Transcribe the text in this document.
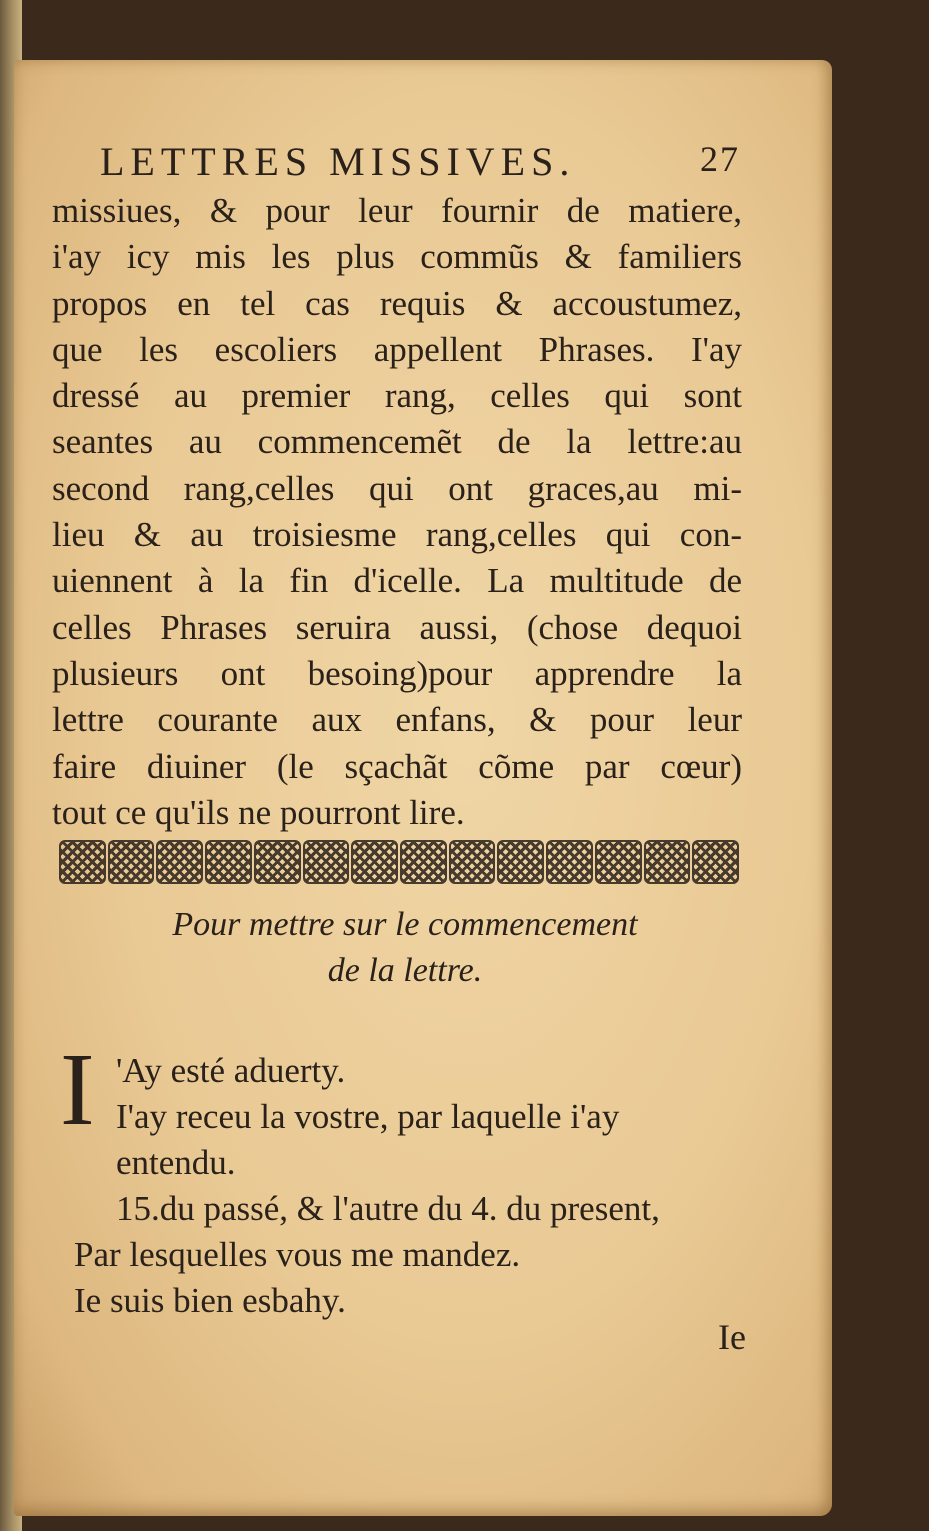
LETTRES MISSIVES.	27
missiues, & pour leur fournir de matiere,
i'ay icy mis les plus commũs & familiers
propos en tel cas requis & accoustumez,
que les escoliers appellent Phrases. I'ay
dressé au premier rang, celles qui sont
seantes au commencemẽt de la lettre:au
second rang,celles qui ont graces,au mi-
lieu & au troisiesme rang,celles qui con-
uiennent à la fin d'icelle. La multitude de
celles Phrases seruira aussi, (chose dequoi
plusieurs ont besoing)pour apprendre la
lettre courante aux enfans, & pour leur
faire diuiner (le sçachãt cõme par cœur)
tout ce qu'ils ne pourront lire.
Pour mettre sur le commencement
de la lettre.
I 'Ay esté aduerty.
I'ay receu la vostre, par laquelle i'ay
entendu.
15.du passé, & l'autre du 4. du present,
Par lesquelles vous me mandez.
Ie suis bien esbahy.
Ie
